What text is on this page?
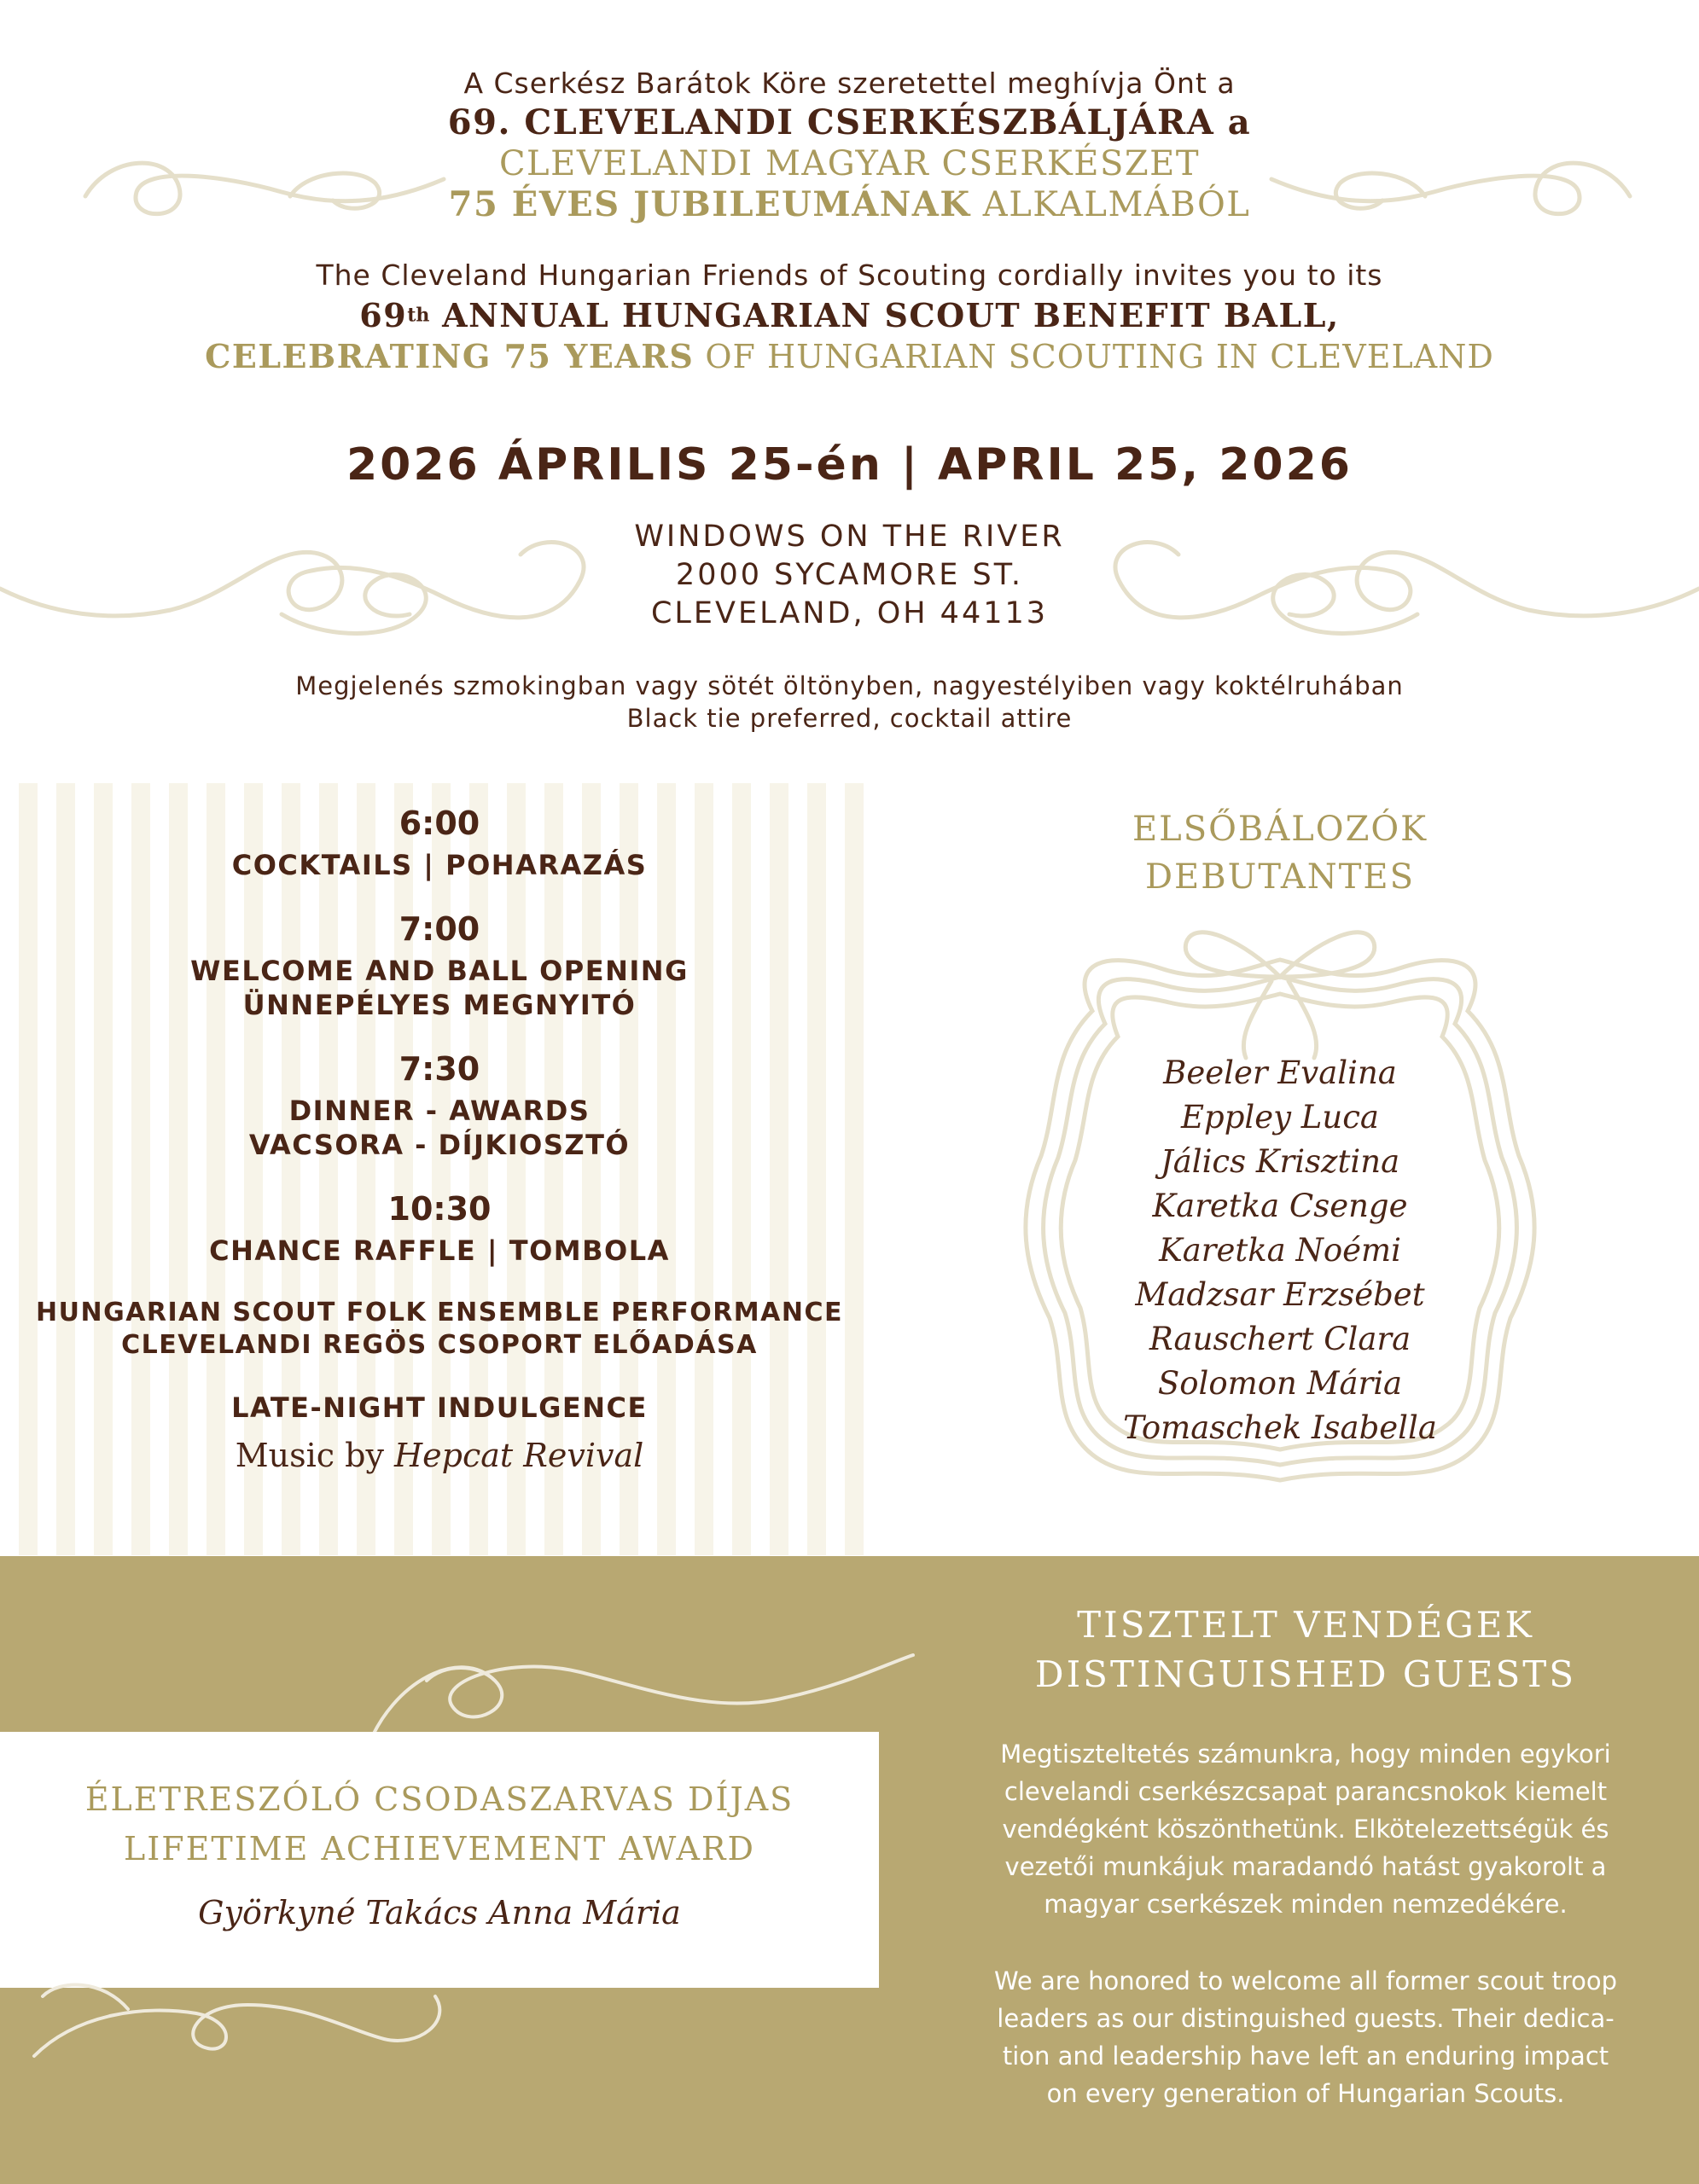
A Cserkész Barátok Köre szeretettel meghívja Önt a
69. CLEVELANDI CSERKÉSZBÁLJÁRA a
CLEVELANDI MAGYAR CSERKÉSZET
75 ÉVES JUBILEUMÁNAK ALKALMÁBÓL
The Cleveland Hungarian Friends of Scouting cordially invites you to its
69th ANNUAL HUNGARIAN SCOUT BENEFIT BALL,
CELEBRATING 75 YEARS OF HUNGARIAN SCOUTING IN CLEVELAND
2026 ÁPRILIS 25-én | APRIL 25, 2026
WINDOWS ON THE RIVER
2000 SYCAMORE ST.
CLEVELAND, OH 44113
Megjelenés szmokingban vagy sötét öltönyben, nagyestélyiben vagy koktélruhában
Black tie preferred, cocktail attire
6:00
COCKTAILS | POHARAZÁS
7:00
WELCOME AND BALL OPENING
ÜNNEPÉLYES MEGNYITÓ
7:30
DINNER - AWARDS
VACSORA - DÍJKIOSZTÓ
10:30
CHANCE RAFFLE | TOMBOLA
HUNGARIAN SCOUT FOLK ENSEMBLE PERFORMANCE
CLEVELANDI REGÖS CSOPORT ELŐADÁSA
LATE-NIGHT INDULGENCE
Music by Hepcat Revival
ELSŐBÁLOZÓK
DEBUTANTES
Beeler Evalina
Eppley Luca
Jálics Krisztina
Karetka Csenge
Karetka Noémi
Madzsar Erzsébet
Rauschert Clara
Solomon Mária
Tomaschek Isabella
ÉLETRESZÓLÓ CSODASZARVAS DÍJAS
LIFETIME ACHIEVEMENT AWARD
Györkyné Takács Anna Mária
TISZTELT VENDÉGEK
DISTINGUISHED GUESTS
Megtiszteltetés számunkra, hogy minden egykori
clevelandi cserkészcsapat parancsnokok kiemelt
vendégként köszönthetünk. Elkötelezettségük és
vezetői munkájuk maradandó hatást gyakorolt a
magyar cserkészek minden nemzedékére.
We are honored to welcome all former scout troop
leaders as our distinguished guests. Their dedica-
tion and leadership have left an enduring impact
on every generation of Hungarian Scouts.
